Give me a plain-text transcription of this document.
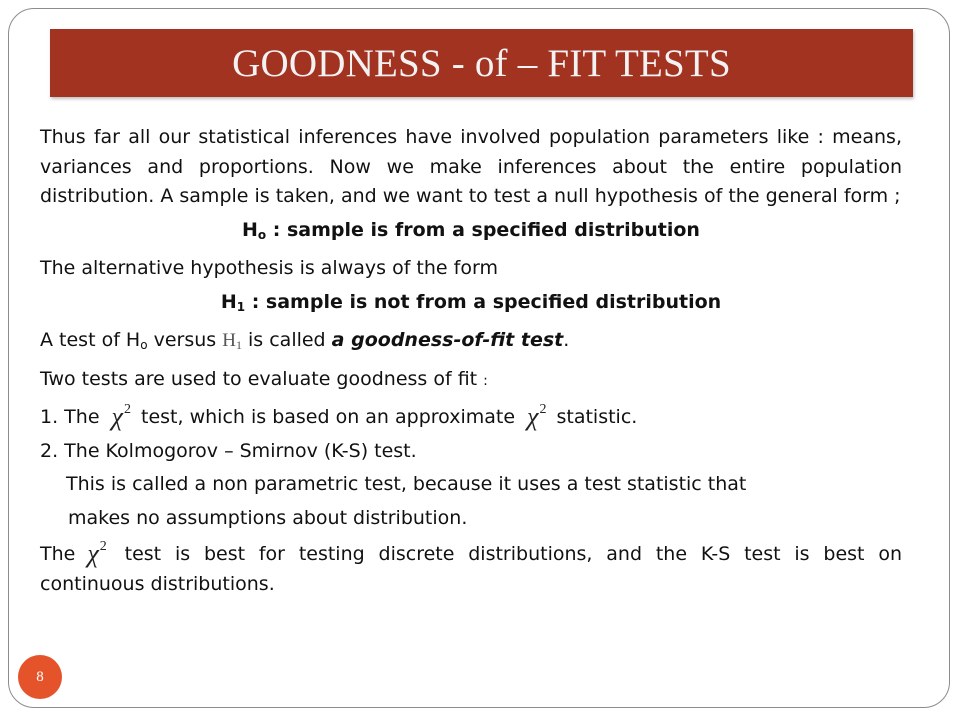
GOODNESS - of – FIT TESTS

Thus far all our statistical inferences have involved population parameters like : means, variances and proportions. Now we make inferences about the entire population distribution. A sample is taken, and we want to test a null hypothesis of the general form ;

$H_o$ : sample is from a specified distribution

The alternative hypothesis is always of the form

$H_1$ : sample is not from a specified distribution

A test of $H_o$ versus $H_1$ is called a goodness-of-fit test.

Two tests are used to evaluate goodness of fit :

1. The $\chi^2$ test, which is based on an approximate $\chi^2$ statistic.

2. The Kolmogorov – Smirnov (K-S) test.

This is called a non parametric test, because it uses a test statistic that

makes no assumptions about distribution.

The $\chi^2$ test is best for testing discrete distributions, and the K-S test is best on continuous distributions.

8
